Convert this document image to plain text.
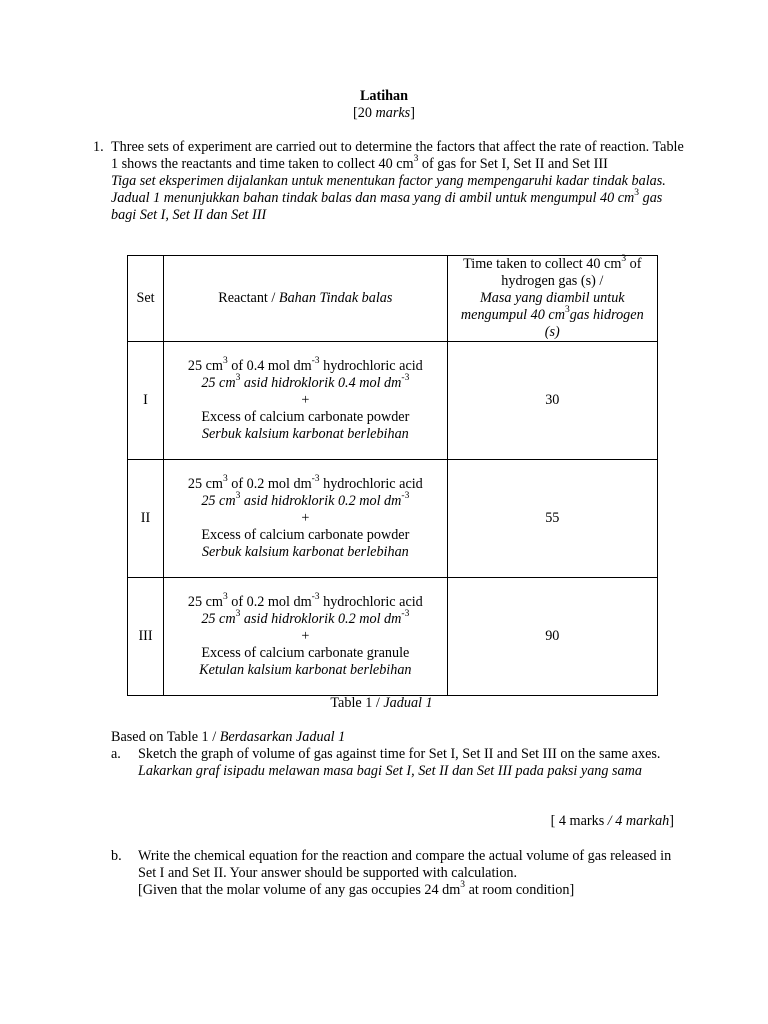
Latihan
[20 marks]
1. Three sets of experiment are carried out to determine the factors that affect the rate of reaction. Table 1 shows the reactants and time taken to collect 40 $cm^3$ of gas for Set I, Set II and Set III
Tiga set eksperimen dijalankan untuk menentukan factor yang mempengaruhi kadar tindak balas. Jadual 1 menunjukkan bahan tindak balas dan masa yang di ambil untuk mengumpul 40 $cm^3$ gas bagi Set I, Set II dan Set III
Set	Reactant / Bahan Tindak balas	Time taken to collect 40 $cm^3$ of hydrogen gas (s) /
Masa yang diambil untuk mengumpul 40 $cm^3gas$ hidrogen (s)
I	25 $cm^3$ of 0.4 mol $dm^{-3}$ hydrochloric acid
25 $cm^3$ asid hidroklorik 0.4 mol $dm^{-3}$
+
Excess of calcium carbonate powder
Serbuk kalsium karbonat berlebihan	30
II	25 $cm^3$ of 0.2 mol $dm^{-3}$ hydrochloric acid
25 $cm^3$ asid hidroklorik 0.2 mol $dm^{-3}$
+
Excess of calcium carbonate powder
Serbuk kalsium karbonat berlebihan	55
III	25 $cm^3$ of 0.2 mol $dm^{-3}$ hydrochloric acid
25 $cm^3$ asid hidroklorik 0.2 mol $dm^{-3}$
+
Excess of calcium carbonate granule
Ketulan kalsium karbonat berlebihan	90
Table 1 / Jadual 1
Based on Table 1 / Berdasarkan Jadual 1
a. Sketch the graph of volume of gas against time for Set I, Set II and Set III on the same axes.
Lakarkan graf isipadu melawan masa bagi Set I, Set II dan Set III pada paksi yang sama
[ 4 marks / 4 markah]
b. Write the chemical equation for the reaction and compare the actual volume of gas released in Set I and Set II. Your answer should be supported with calculation.
[Given that the molar volume of any gas occupies 24 $dm^3$ at room condition]
